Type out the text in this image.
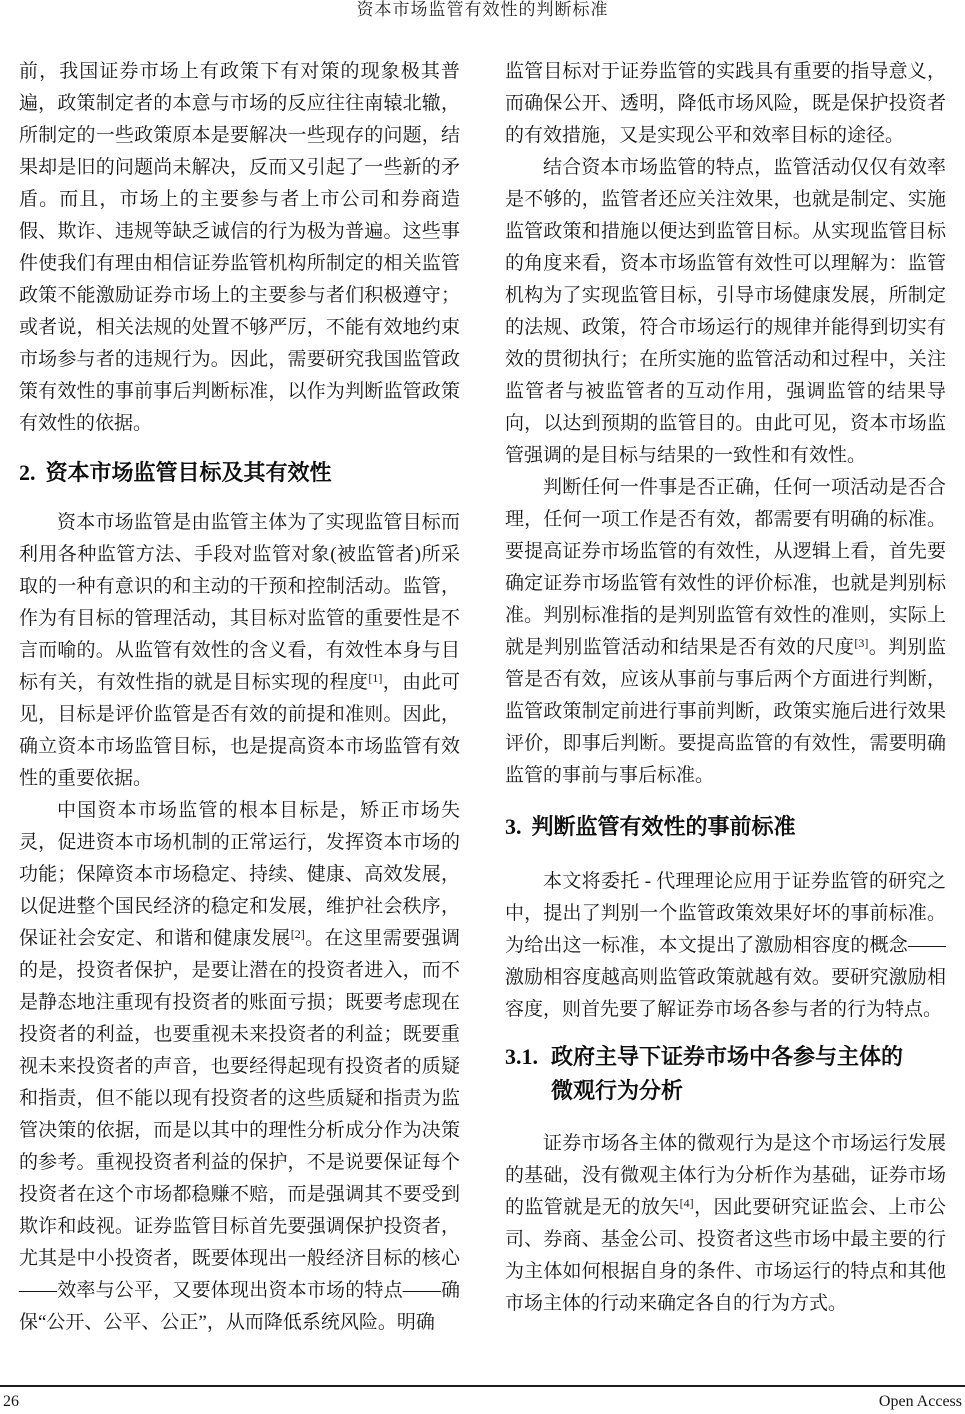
资本市场监管有效性的判断标准

前，我国证券市场上有政策下有对策的现象极其普遍，政策制定者的本意与市场的反应往往南辕北辙，所制定的一些政策原本是要解决一些现存的问题，结果却是旧的问题尚未解决，反而又引起了一些新的矛盾。而且，市场上的主要参与者上市公司和券商造假、欺诈、违规等缺乏诚信的行为极为普遍。这些事件使我们有理由相信证券监管机构所制定的相关监管政策不能激励证券市场上的主要参与者们积极遵守；或者说，相关法规的处置不够严厉，不能有效地约束市场参与者的违规行为。因此，需要研究我国监管政策有效性的事前事后判断标准，以作为判断监管政策有效性的依据。

2. 资本市场监管目标及其有效性

资本市场监管是由监管主体为了实现监管目标而利用各种监管方法、手段对监管对象(被监管者)所采取的一种有意识的和主动的干预和控制活动。监管，作为有目标的管理活动，其目标对监管的重要性是不言而喻的。从监管有效性的含义看，有效性本身与目标有关，有效性指的就是目标实现的程度[1]，由此可见，目标是评价监管是否有效的前提和准则。因此，确立资本市场监管目标，也是提高资本市场监管有效性的重要依据。

中国资本市场监管的根本目标是，矫正市场失灵，促进资本市场机制的正常运行，发挥资本市场的功能；保障资本市场稳定、持续、健康、高效发展，以促进整个国民经济的稳定和发展，维护社会秩序，保证社会安定、和谐和健康发展[2]。在这里需要强调的是，投资者保护，是要让潜在的投资者进入，而不是静态地注重现有投资者的账面亏损；既要考虑现在投资者的利益，也要重视未来投资者的利益；既要重视未来投资者的声音，也要经得起现有投资者的质疑和指责，但不能以现有投资者的这些质疑和指责为监管决策的依据，而是以其中的理性分析成分作为决策的参考。重视投资者利益的保护，不是说要保证每个投资者在这个市场都稳赚不赔，而是强调其不要受到欺诈和歧视。证券监管目标首先要强调保护投资者，尤其是中小投资者，既要体现出一般经济目标的核心——效率与公平，又要体现出资本市场的特点——确保“公开、公平、公正”，从而降低系统风险。明确

监管目标对于证券监管的实践具有重要的指导意义，而确保公开、透明，降低市场风险，既是保护投资者的有效措施，又是实现公平和效率目标的途径。

结合资本市场监管的特点，监管活动仅仅有效率是不够的，监管者还应关注效果，也就是制定、实施监管政策和措施以便达到监管目标。从实现监管目标的角度来看，资本市场监管有效性可以理解为：监管机构为了实现监管目标，引导市场健康发展，所制定的法规、政策，符合市场运行的规律并能得到切实有效的贯彻执行；在所实施的监管活动和过程中，关注监管者与被监管者的互动作用，强调监管的结果导向，以达到预期的监管目的。由此可见，资本市场监管强调的是目标与结果的一致性和有效性。

判断任何一件事是否正确，任何一项活动是否合理，任何一项工作是否有效，都需要有明确的标准。要提高证券市场监管的有效性，从逻辑上看，首先要确定证券市场监管有效性的评价标准，也就是判别标准。判别标准指的是判别监管有效性的准则，实际上就是判别监管活动和结果是否有效的尺度[3]。判别监管是否有效，应该从事前与事后两个方面进行判断，监管政策制定前进行事前判断，政策实施后进行效果评价，即事后判断。要提高监管的有效性，需要明确监管的事前与事后标准。

3. 判断监管有效性的事前标准

本文将委托 - 代理理论应用于证券监管的研究之中，提出了判别一个监管政策效果好坏的事前标准。为给出这一标准，本文提出了激励相容度的概念——激励相容度越高则监管政策就越有效。要研究激励相容度，则首先要了解证券市场各参与者的行为特点。

3.1. 政府主导下证券市场中各参与主体的
微观行为分析

证券市场各主体的微观行为是这个市场运行发展的基础，没有微观主体行为分析作为基础，证券市场的监管就是无的放矢[4]，因此要研究证监会、上市公司、券商、基金公司、投资者这些市场中最主要的行为主体如何根据自身的条件、市场运行的特点和其他市场主体的行动来确定各自的行为方式。

26	Open Access
